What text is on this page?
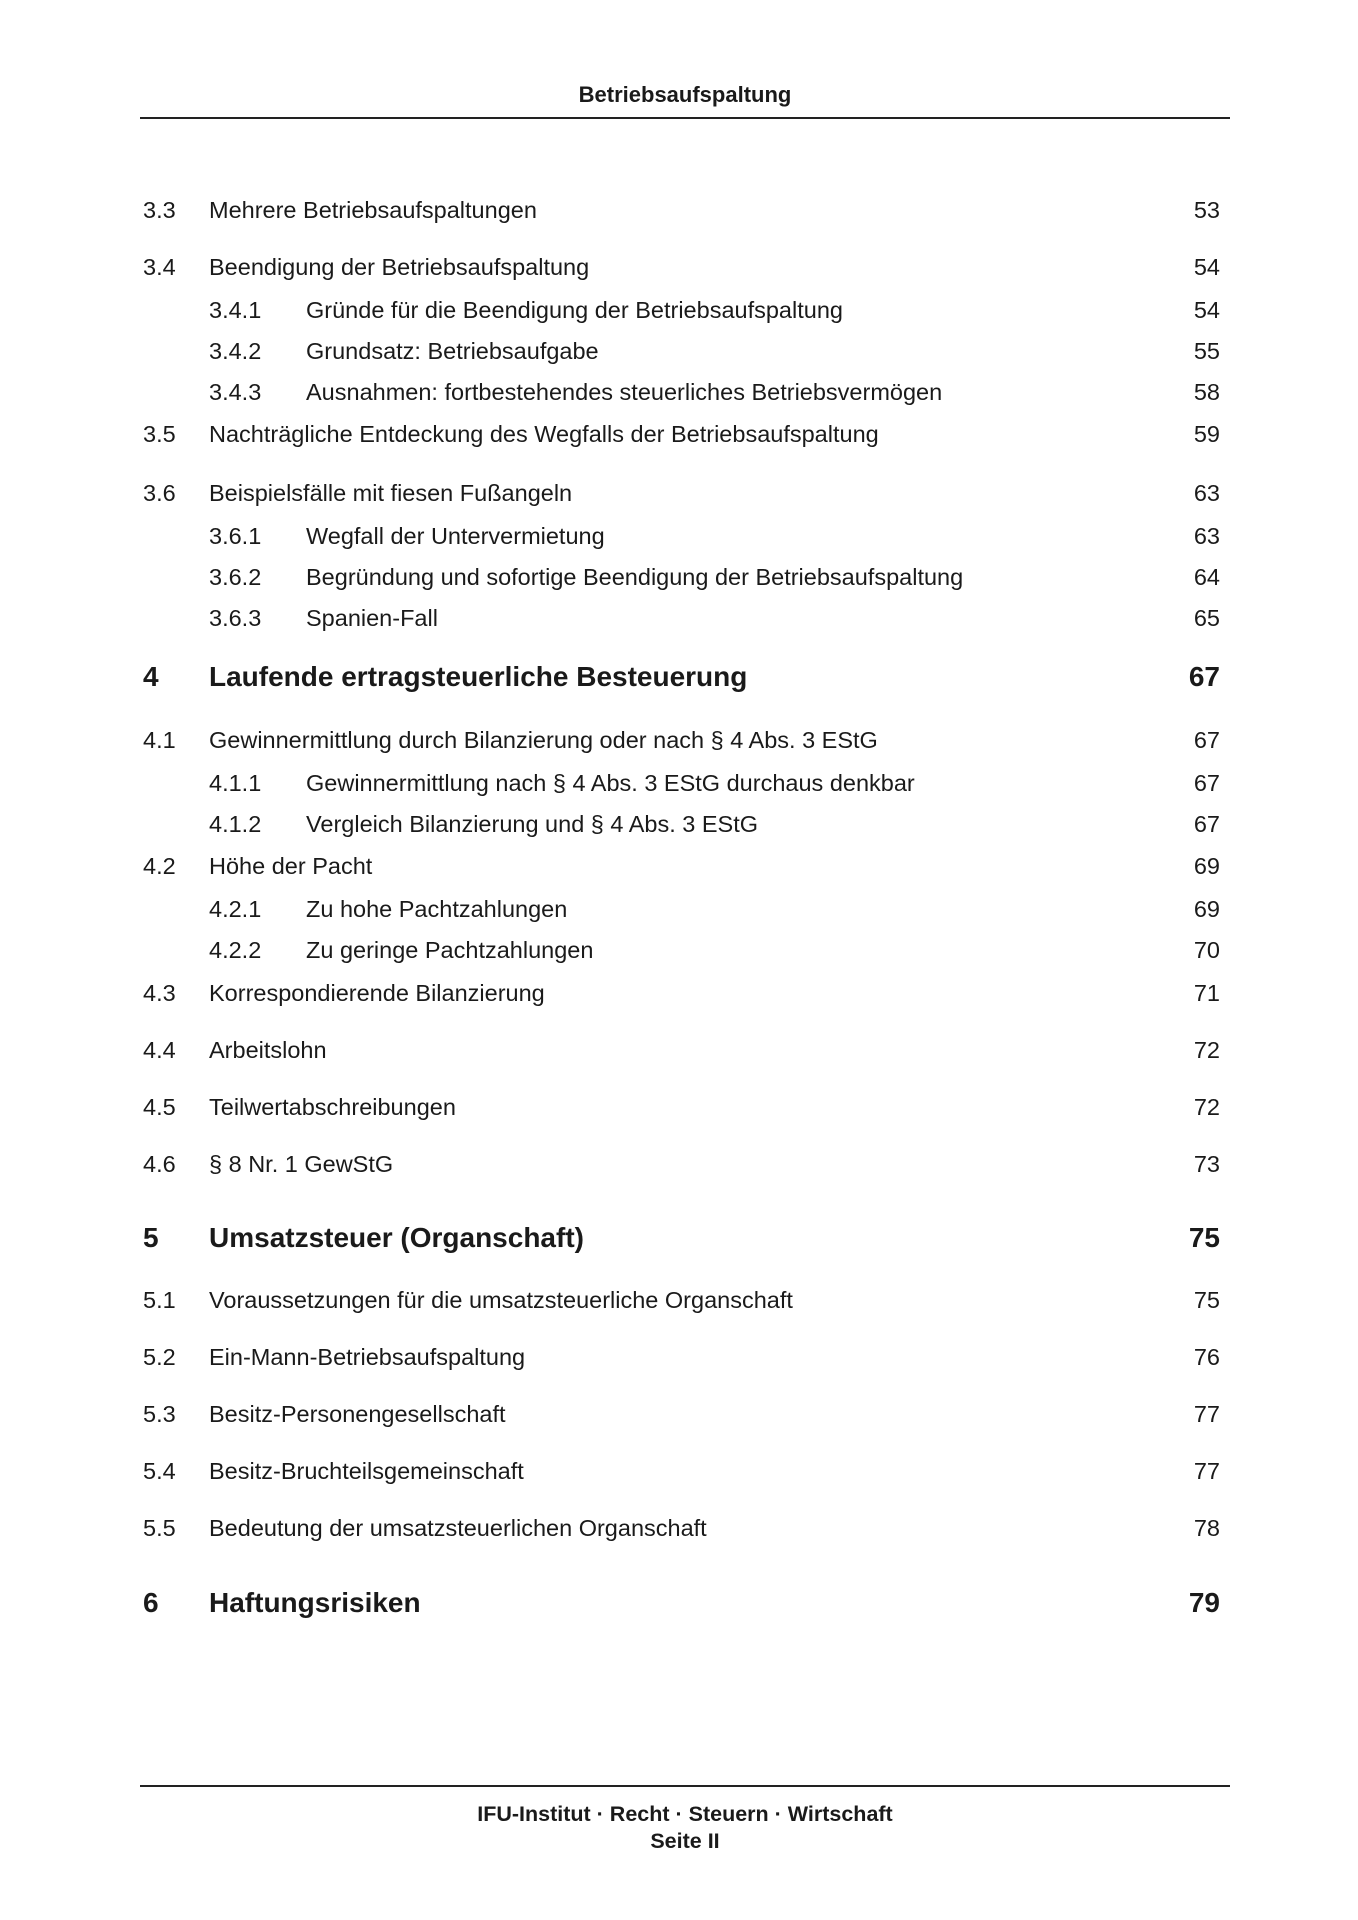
Betriebsaufspaltung
3.3 Mehrere Betriebsaufspaltungen	53
3.4 Beendigung der Betriebsaufspaltung	54
3.4.1 Gründe für die Beendigung der Betriebsaufspaltung	54
3.4.2 Grundsatz: Betriebsaufgabe	55
3.4.3 Ausnahmen: fortbestehendes steuerliches Betriebsvermögen	58
3.5 Nachträgliche Entdeckung des Wegfalls der Betriebsaufspaltung	59
3.6 Beispielsfälle mit fiesen Fußangeln	63
3.6.1 Wegfall der Untervermietung	63
3.6.2 Begründung und sofortige Beendigung der Betriebsaufspaltung	64
3.6.3 Spanien-Fall	65
4 Laufende ertragsteuerliche Besteuerung	67
4.1 Gewinnermittlung durch Bilanzierung oder nach § 4 Abs. 3 EStG	67
4.1.1 Gewinnermittlung nach § 4 Abs. 3 EStG durchaus denkbar	67
4.1.2 Vergleich Bilanzierung und § 4 Abs. 3 EStG	67
4.2 Höhe der Pacht	69
4.2.1 Zu hohe Pachtzahlungen	69
4.2.2 Zu geringe Pachtzahlungen	70
4.3 Korrespondierende Bilanzierung	71
4.4 Arbeitslohn	72
4.5 Teilwertabschreibungen	72
4.6 § 8 Nr. 1 GewStG	73
5 Umsatzsteuer (Organschaft)	75
5.1 Voraussetzungen für die umsatzsteuerliche Organschaft	75
5.2 Ein-Mann-Betriebsaufspaltung	76
5.3 Besitz-Personengesellschaft	77
5.4 Besitz-Bruchteilsgemeinschaft	77
5.5 Bedeutung der umsatzsteuerlichen Organschaft	78
6 Haftungsrisiken	79
IFU-Institut · Recht · Steuern · Wirtschaft
Seite II
